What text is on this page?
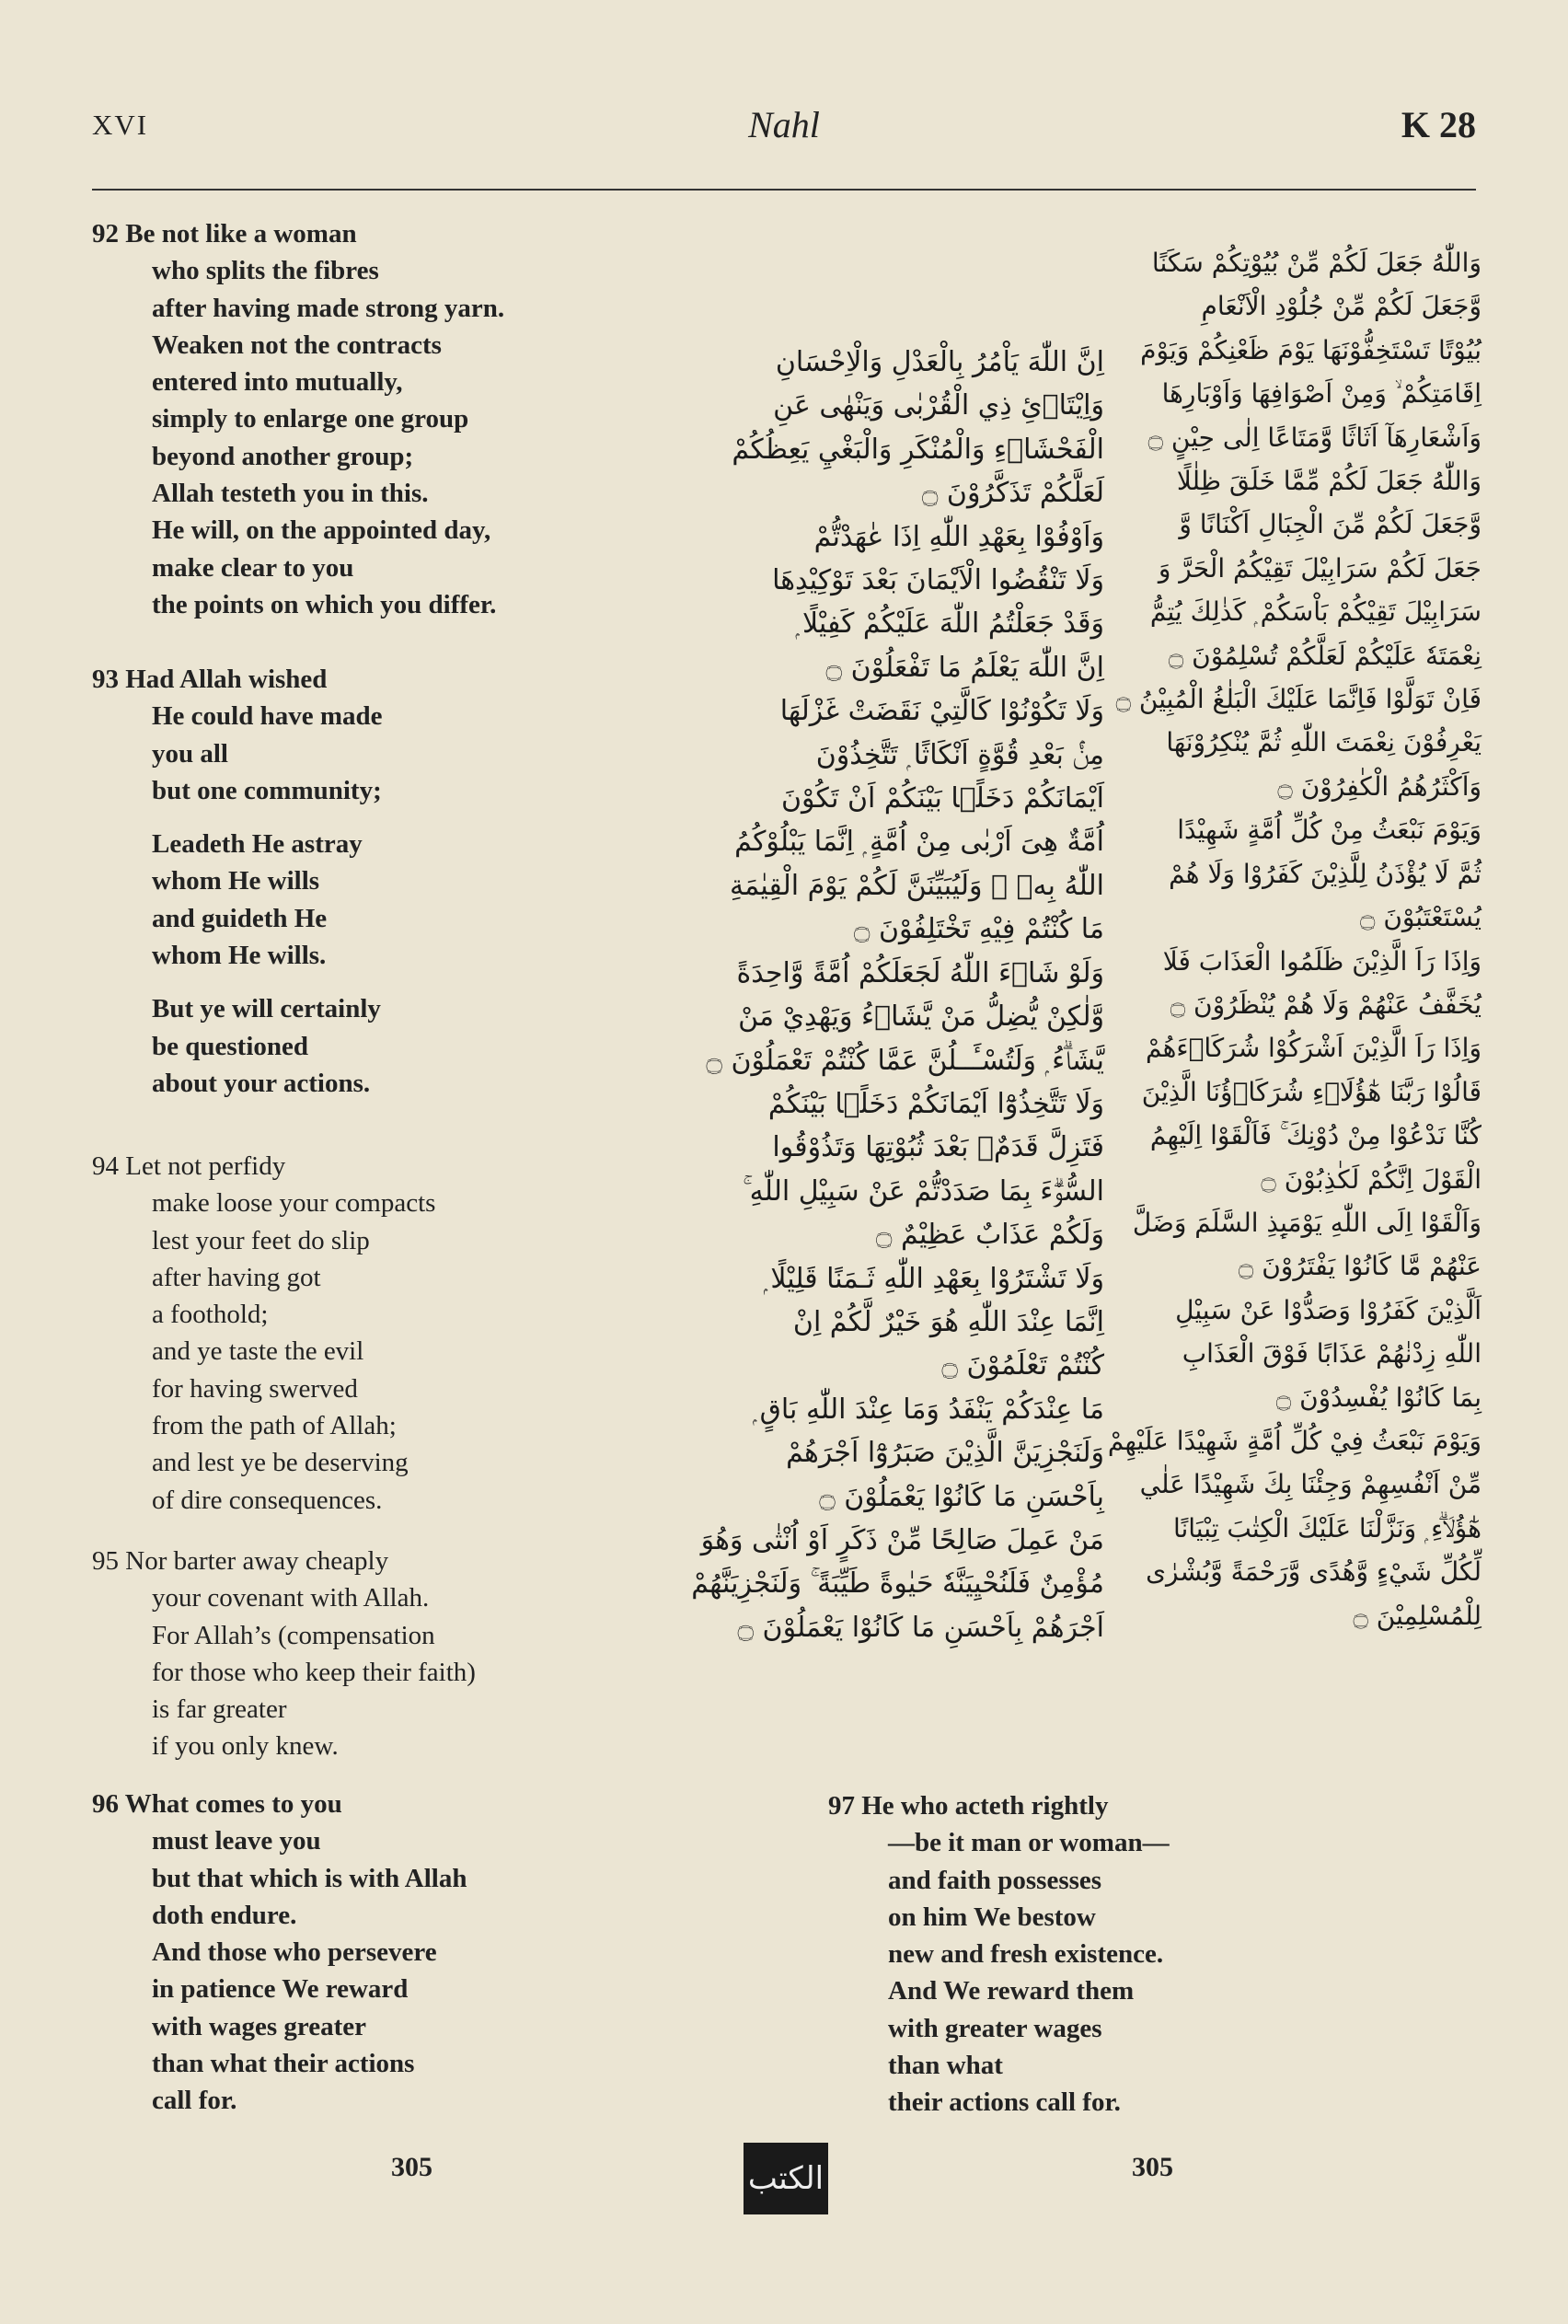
XVI	Nahl	K 28
92 Be not like a woman
who splits the fibres
after having made strong yarn.
Weaken not the contracts
entered into mutually,
simply to enlarge one group
beyond another group;
Allah testeth you in this.
He will, on the appointed day,
make clear to you
the points on which you differ.
93 Had Allah wished
He could have made
you all
but one community;
Leadeth He astray
whom He wills
and guideth He
whom He wills.
But ye will certainly
be questioned
about your actions.
94 Let not perfidy
make loose your compacts
lest your feet do slip
after having got
a foothold;
and ye taste the evil
for having swerved
from the path of Allah;
and lest ye be deserving
of dire consequences.
95 Nor barter away cheaply
your covenant with Allah.
For Allah’s (compensation
for those who keep their faith)
is far greater
if you only knew.
96 What comes to you
must leave you
but that which is with Allah
doth endure.
And those who persevere
in patience We reward
with wages greater
than what their actions
call for.
97 He who acteth rightly
—be it man or woman—
and faith possesses
on him We bestow
new and fresh existence.
And We reward them
with greater wages
than what
their actions call for.
اِنَّ اللّٰهَ يَاْمُرُ بِالْعَدْلِ وَالْاِحْسَانِ
وَاِيْتَاۗئِ ذِي الْقُرْبٰى وَيَنْهٰى عَنِ
الْفَحْشَاۗءِ وَالْمُنْكَرِ وَالْبَغْيِ يَعِظُكُمْ
لَعَلَّكُمْ تَذَكَّرُوْنَ ۝
وَاَوْفُوْا بِعَهْدِ اللّٰهِ اِذَا عٰهَدْتُّمْ
وَلَا تَنْقُضُوا الْاَيْمَانَ بَعْدَ تَوْكِيْدِهَا
وَقَدْ جَعَلْتُمُ اللّٰهَ عَلَيْكُمْ كَفِيْلًا ۭ
اِنَّ اللّٰهَ يَعْلَمُ مَا تَفْعَلُوْنَ ۝
وَلَا تَكُوْنُوْا كَالَّتِيْ نَقَضَتْ غَزْلَهَا
مِنْۢ بَعْدِ قُوَّةٍ اَنْكَاثًا ۭ تَتَّخِذُوْنَ
اَيْمَانَكُمْ دَخَلًۢا بَيْنَكُمْ اَنْ تَكُوْنَ
اُمَّةٌ هِىَ اَرْبٰى مِنْ اُمَّةٍ ۭ اِنَّمَا يَبْلُوْكُمُ
اللّٰهُ بِهٖ ۭ وَلَيُبَيِّنَنَّ لَكُمْ يَوْمَ الْقِيٰمَةِ
مَا كُنْتُمْ فِيْهِ تَخْتَلِفُوْنَ ۝
وَلَوْ شَاۗءَ اللّٰهُ لَجَعَلَكُمْ اُمَّةً وَّاحِدَةً
وَّلٰكِنْ يُّضِلُّ مَنْ يَّشَاۗءُ وَيَهْدِيْ مَنْ
يَّشَاۗءُ ۭ وَلَتُسْـَٔــلُنَّ عَمَّا كُنْتُمْ تَعْمَلُوْنَ ۝
وَلَا تَتَّخِذُوْٓا اَيْمَانَكُمْ دَخَلًۢا بَيْنَكُمْ
فَتَزِلَّ قَدَمٌۢ بَعْدَ ثُبُوْتِهَا وَتَذُوْقُوا
السُّوْۗءَ بِمَا صَدَدْتُّمْ عَنْ سَبِيْلِ اللّٰهِ ۚ
وَلَكُمْ عَذَابٌ عَظِيْمٌ ۝
وَلَا تَشْتَرُوْا بِعَهْدِ اللّٰهِ ثَـمَنًا قَلِيْلًا ۭ
اِنَّمَا عِنْدَ اللّٰهِ هُوَ خَيْرٌ لَّكُمْ اِنْ
كُنْتُمْ تَعْلَمُوْنَ ۝
مَا عِنْدَكُمْ يَنْفَدُ وَمَا عِنْدَ اللّٰهِ بَاقٍ ۭ
وَلَنَجْزِيَنَّ الَّذِيْنَ صَبَرُوْٓا اَجْرَهُمْ
بِاَحْسَنِ مَا كَانُوْا يَعْمَلُوْنَ ۝
مَنْ عَمِلَ صَالِحًا مِّنْ ذَكَرٍ اَوْ اُنْثٰى وَهُوَ
مُؤْمِنٌ فَلَنُحْيِيَنَّهٗ حَيٰوةً طَيِّبَةً ۚ وَلَنَجْزِيَنَّهُمْ
اَجْرَهُمْ بِاَحْسَنِ مَا كَانُوْا يَعْمَلُوْنَ ۝
وَاللّٰهُ جَعَلَ لَكُمْ مِّنْ بُيُوْتِكُمْ سَكَنًا
وَّجَعَلَ لَكُمْ مِّنْ جُلُوْدِ الْاَنْعَامِ
بُيُوْتًا تَسْتَخِفُّوْنَهَا يَوْمَ ظَعْنِكُمْ وَيَوْمَ
اِقَامَتِكُمْ ۙ وَمِنْ اَصْوَافِهَا وَاَوْبَارِهَا
وَاَشْعَارِهَآ اَثَاثًا وَّمَتَاعًا اِلٰى حِيْنٍ ۝
وَاللّٰهُ جَعَلَ لَكُمْ مِّمَّا خَلَقَ ظِلٰلًا
وَّجَعَلَ لَكُمْ مِّنَ الْجِبَالِ اَكْنَانًا وَّ
جَعَلَ لَكُمْ سَرَابِيْلَ تَقِيْكُمُ الْحَرَّ وَ
سَرَابِيْلَ تَقِيْكُمْ بَاْسَكُمْ ۭ كَذٰلِكَ يُتِمُّ
نِعْمَتَهٗ عَلَيْكُمْ لَعَلَّكُمْ تُسْلِمُوْنَ ۝
فَاِنْ تَوَلَّوْا فَاِنَّمَا عَلَيْكَ الْبَلٰغُ الْمُبِيْنُ ۝
يَعْرِفُوْنَ نِعْمَتَ اللّٰهِ ثُمَّ يُنْكِرُوْنَهَا
وَاَكْثَرُهُمُ الْكٰفِرُوْنَ ۝
وَيَوْمَ نَبْعَثُ مِنْ كُلِّ اُمَّةٍ شَهِيْدًا
ثُمَّ لَا يُؤْذَنُ لِلَّذِيْنَ كَفَرُوْا وَلَا هُمْ
يُسْتَعْتَبُوْنَ ۝
وَاِذَا رَاَ الَّذِيْنَ ظَلَمُوا الْعَذَابَ فَلَا
يُخَفَّفُ عَنْهُمْ وَلَا هُمْ يُنْظَرُوْنَ ۝
وَاِذَا رَاَ الَّذِيْنَ اَشْرَكُوْا شُرَكَاۗءَهُمْ
قَالُوْا رَبَّنَا هٰٓؤُلَاۗءِ شُرَكَاۗؤُنَا الَّذِيْنَ
كُنَّا نَدْعُوْا مِنْ دُوْنِكَ ۚ فَاَلْقَوْا اِلَيْهِمُ
الْقَوْلَ اِنَّكُمْ لَكٰذِبُوْنَ ۝
وَاَلْقَوْا اِلَى اللّٰهِ يَوْمَىِٕذِ السَّلَمَ وَضَلَّ
عَنْهُمْ مَّا كَانُوْا يَفْتَرُوْنَ ۝
اَلَّذِيْنَ كَفَرُوْا وَصَدُّوْا عَنْ سَبِيْلِ
اللّٰهِ زِدْنٰهُمْ عَذَابًا فَوْقَ الْعَذَابِ
بِمَا كَانُوْا يُفْسِدُوْنَ ۝
وَيَوْمَ نَبْعَثُ فِيْ كُلِّ اُمَّةٍ شَهِيْدًا عَلَيْهِمْ
مِّنْ اَنْفُسِهِمْ وَجِئْنَا بِكَ شَهِيْدًا عَلٰي
هٰٓؤُلَاۗءِ ۭ وَنَزَّلْنَا عَلَيْكَ الْكِتٰبَ تِبْيَانًا
لِّكُلِّ شَيْءٍ وَّهُدًى وَّرَحْمَةً وَّبُشْرٰى
لِلْمُسْلِمِيْنَ ۝
305	الكتب	305
